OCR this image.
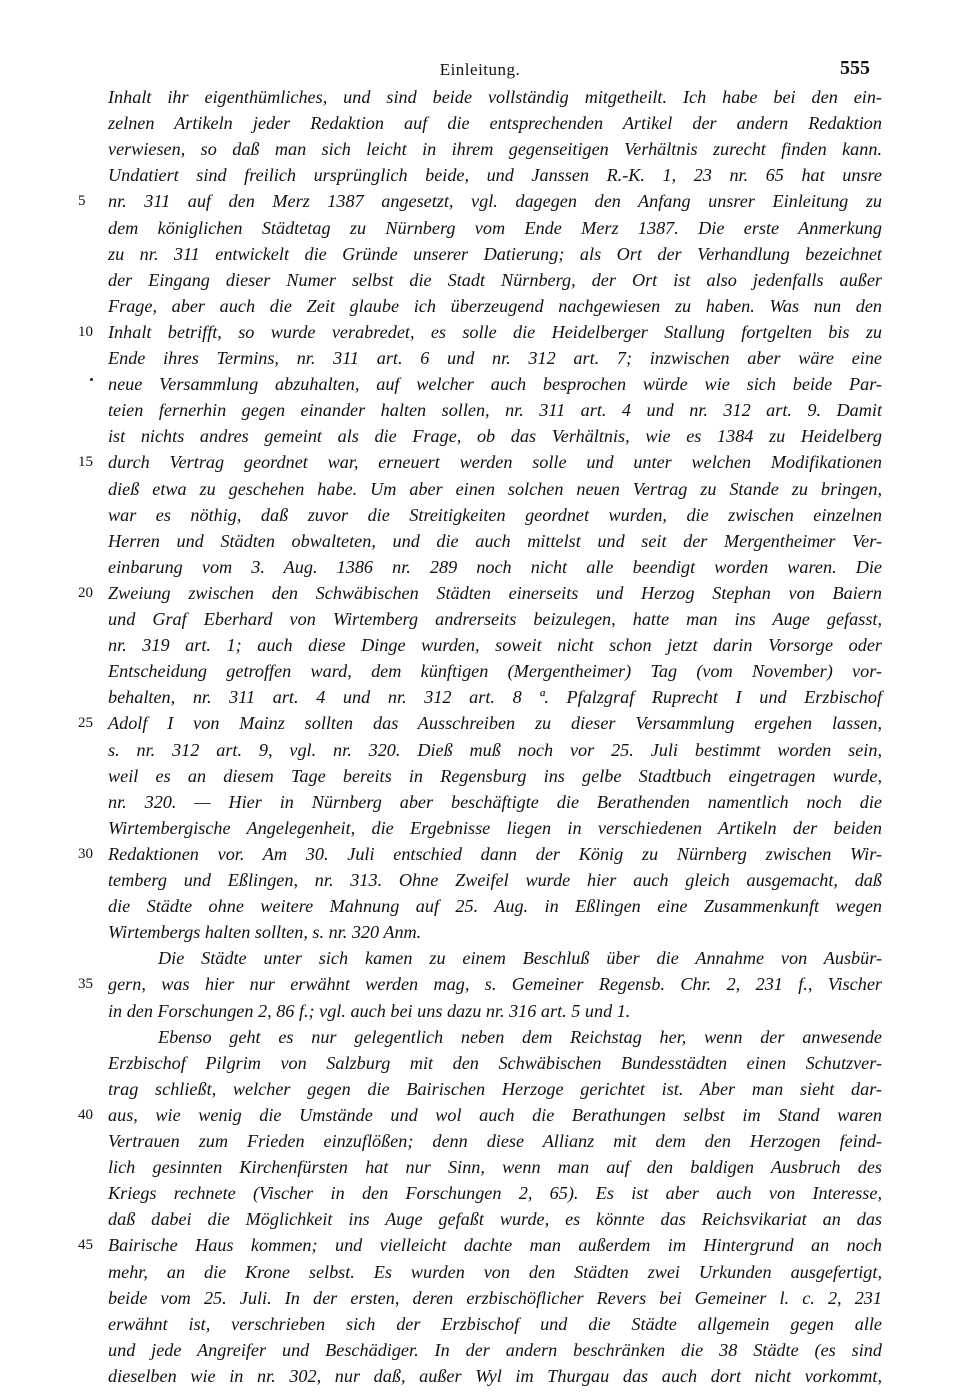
Einleitung.	555
Inhalt ihr eigenthümliches, und sind beide vollständig mitgetheilt. Ich habe bei den ein-
zelnen Artikeln jeder Redaktion auf die entsprechenden Artikel der andern Redaktion
verwiesen, so daß man sich leicht in ihrem gegenseitigen Verhältnis zurecht finden kann.
Undatiert sind freilich ursprünglich beide, und Janssen R.-K. 1, 23 nr. 65 hat unsre
nr. 311 auf den Merz 1387 angesetzt, vgl. dagegen den Anfang unsrer Einleitung zu
5
dem königlichen Städtetag zu Nürnberg vom Ende Merz 1387. Die erste Anmerkung
zu nr. 311 entwickelt die Gründe unserer Datierung; als Ort der Verhandlung bezeichnet
der Eingang dieser Numer selbst die Stadt Nürnberg, der Ort ist also jedenfalls außer
Frage, aber auch die Zeit glaube ich überzeugend nachgewiesen zu haben. Was nun den
Inhalt betrifft, so wurde verabredet, es solle die Heidelberger Stallung fortgelten bis zu
10
Ende ihres Termins, nr. 311 art. 6 und nr. 312 art. 7; inzwischen aber wäre eine
neue Versammlung abzuhalten, auf welcher auch besprochen würde wie sich beide Par-
teien fernerhin gegen einander halten sollen, nr. 311 art. 4 und nr. 312 art. 9. Damit
ist nichts andres gemeint als die Frage, ob das Verhältnis, wie es 1384 zu Heidelberg
durch Vertrag geordnet war, erneuert werden solle und unter welchen Modifikationen
15
dieß etwa zu geschehen habe. Um aber einen solchen neuen Vertrag zu Stande zu bringen,
war es nöthig, daß zuvor die Streitigkeiten geordnet wurden, die zwischen einzelnen
Herren und Städten obwalteten, und die auch mittelst und seit der Mergentheimer Ver-
einbarung vom 3. Aug. 1386 nr. 289 noch nicht alle beendigt worden waren. Die
Zweiung zwischen den Schwäbischen Städten einerseits und Herzog Stephan von Baiern
20
und Graf Eberhard von Wirtemberg andrerseits beizulegen, hatte man ins Auge gefasst,
nr. 319 art. 1; auch diese Dinge wurden, soweit nicht schon jetzt darin Vorsorge oder
Entscheidung getroffen ward, dem künftigen (Mergentheimer) Tag (vom November) vor-
behalten, nr. 311 art. 4 und nr. 312 art. 8 ª. Pfalzgraf Ruprecht I und Erzbischof
Adolf I von Mainz sollten das Ausschreiben zu dieser Versammlung ergehen lassen,
25
s. nr. 312 art. 9, vgl. nr. 320. Dieß muß noch vor 25. Juli bestimmt worden sein,
weil es an diesem Tage bereits in Regensburg ins gelbe Stadtbuch eingetragen wurde,
nr. 320. — Hier in Nürnberg aber beschäftigte die Berathenden namentlich noch die
Wirtembergische Angelegenheit, die Ergebnisse liegen in verschiedenen Artikeln der beiden
Redaktionen vor. Am 30. Juli entschied dann der König zu Nürnberg zwischen Wir-
30
temberg und Eßlingen, nr. 313. Ohne Zweifel wurde hier auch gleich ausgemacht, daß
die Städte ohne weitere Mahnung auf 25. Aug. in Eßlingen eine Zusammenkunft wegen
Wirtembergs halten sollten, s. nr. 320 Anm.
Die Städte unter sich kamen zu einem Beschluß über die Annahme von Ausbür-
gern, was hier nur erwähnt werden mag, s. Gemeiner Regensb. Chr. 2, 231 f., Vischer
35
in den Forschungen 2, 86 f.; vgl. auch bei uns dazu nr. 316 art. 5 und 1.
Ebenso geht es nur gelegentlich neben dem Reichstag her, wenn der anwesende
Erzbischof Pilgrim von Salzburg mit den Schwäbischen Bundesstädten einen Schutzver-
trag schließt, welcher gegen die Bairischen Herzoge gerichtet ist. Aber man sieht dar-
aus, wie wenig die Umstände und wol auch die Berathungen selbst im Stand waren
40
Vertrauen zum Frieden einzuflößen; denn diese Allianz mit dem den Herzogen feind-
lich gesinnten Kirchenfürsten hat nur Sinn, wenn man auf den baldigen Ausbruch des
Kriegs rechnete (Vischer in den Forschungen 2, 65). Es ist aber auch von Interesse,
daß dabei die Möglichkeit ins Auge gefaßt wurde, es könnte das Reichsvikariat an das
Bairische Haus kommen; und vielleicht dachte man außerdem im Hintergrund an noch
45
mehr, an die Krone selbst. Es wurden von den Städten zwei Urkunden ausgefertigt,
beide vom 25. Juli. In der ersten, deren erzbischöflicher Revers bei Gemeiner l. c. 2, 231
erwähnt ist, verschrieben sich der Erzbischof und die Städte allgemein gegen alle
und jede Angreifer und Beschädiger. In der andern beschränken die 38 Städte (es sind
dieselben wie in nr. 302, nur daß, außer Wyl im Thurgau das auch dort nicht vorkommt,
